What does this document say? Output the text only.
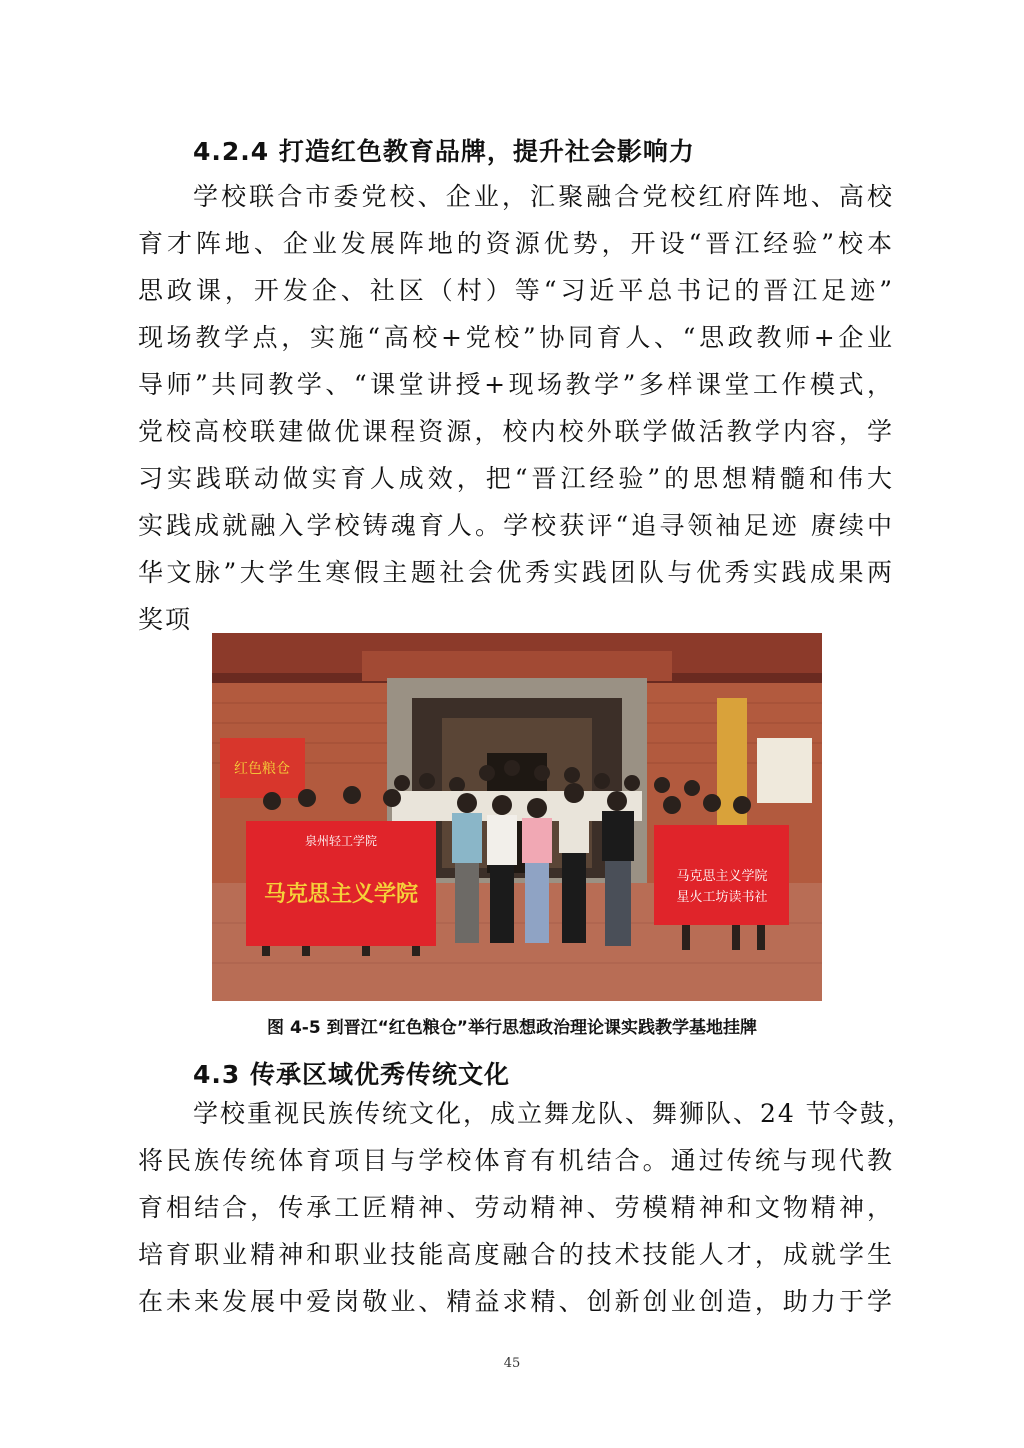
4.2.4 打造红色教育品牌，提升社会影响力
学校联合市委党校、企业，汇聚融合党校红府阵地、高校
育才阵地、企业发展阵地的资源优势，开设“晋江经验”校本
思政课，开发企、社区（村）等“习近平总书记的晋江足迹”
现场教学点，实施“高校+党校”协同育人、“思政教师+企业
导师”共同教学、“课堂讲授+现场教学”多样课堂工作模式，
党校高校联建做优课程资源，校内校外联学做活教学内容，学
习实践联动做实育人成效，把“晋江经验”的思想精髓和伟大
实践成就融入学校铸魂育人。学校获评“追寻领袖足迹 赓续中
华文脉”大学生寒假主题社会优秀实践团队与优秀实践成果两
奖项
红色粮仓
泉州轻工学院
马克思主义学院
马克思主义学院
星火工坊读书社
图 4-5 到晋江“红色粮仓”举行思想政治理论课实践教学基地挂牌
4.3 传承区域优秀传统文化
学校重视民族传统文化，成立舞龙队、舞狮队、24 节令鼓，
将民族传统体育项目与学校体育有机结合。通过传统与现代教
育相结合，传承工匠精神、劳动精神、劳模精神和文物精神，
培育职业精神和职业技能高度融合的技术技能人才，成就学生
在未来发展中爱岗敬业、精益求精、创新创业创造，助力于学
45
